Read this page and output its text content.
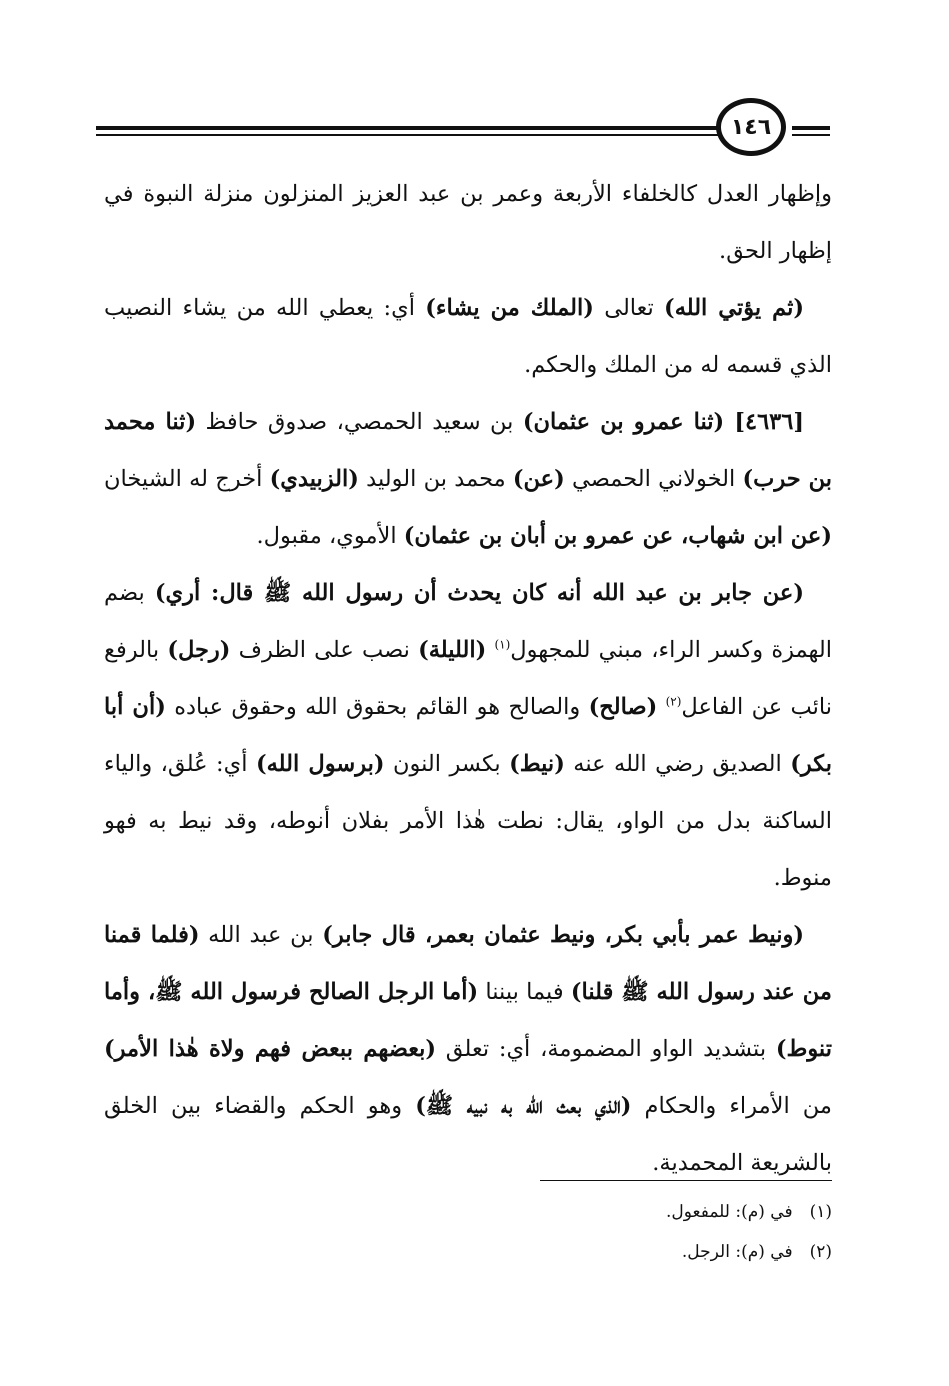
١٤٦

وإظهار العدل كالخلفاء الأربعة وعمر بن عبد العزيز المنزلون منزلة النبوة في إظهار الحق.

(ثم يؤتي الله) تعالى (الملك من يشاء) أي: يعطي الله من يشاء النصيب الذي قسمه له من الملك والحكم.

[٤٦٣٦] (ثنا عمرو بن عثمان) بن سعيد الحمصي، صدوق حافظ (ثنا محمد بن حرب) الخولاني الحمصي (عن) محمد بن الوليد (الزبيدي) أخرج له الشيخان (عن ابن شهاب، عن عمرو بن أبان بن عثمان) الأموي، مقبول.

(عن جابر بن عبد الله أنه كان يحدث أن رسول الله ﷺ قال: أري) بضم الهمزة وكسر الراء، مبني للمجهول$^{(١)}$ (الليلة) نصب على الظرف (رجل) بالرفع نائب عن الفاعل$^{(٢)}$ (صالح) والصالح هو القائم بحقوق الله وحقوق عباده (أن أبا بكر) الصديق رضي الله عنه (نيط) بكسر النون (برسول الله) أي: عُلق، والياء الساكنة بدل من الواو، يقال: نطت هٰذا الأمر بفلان أنوطه، وقد نيط به فهو منوط.

(ونيط عمر بأبي بكر، ونيط عثمان بعمر، قال جابر) بن عبد الله (فلما قمنا من عند رسول الله ﷺ قلنا) فيما بيننا (أما الرجل الصالح فرسول الله ﷺ، وأما تنوط) بتشديد الواو المضمومة، أي: تعلق (بعضهم ببعض فهم ولاة هٰذا الأمر) من الأمراء والحكام (الذي بعث الله به نبيه ﷺ) وهو الحكم والقضاء بين الخلق بالشريعة المحمدية.

(١) في (م): للمفعول.

(٢) في (م): الرجل.
